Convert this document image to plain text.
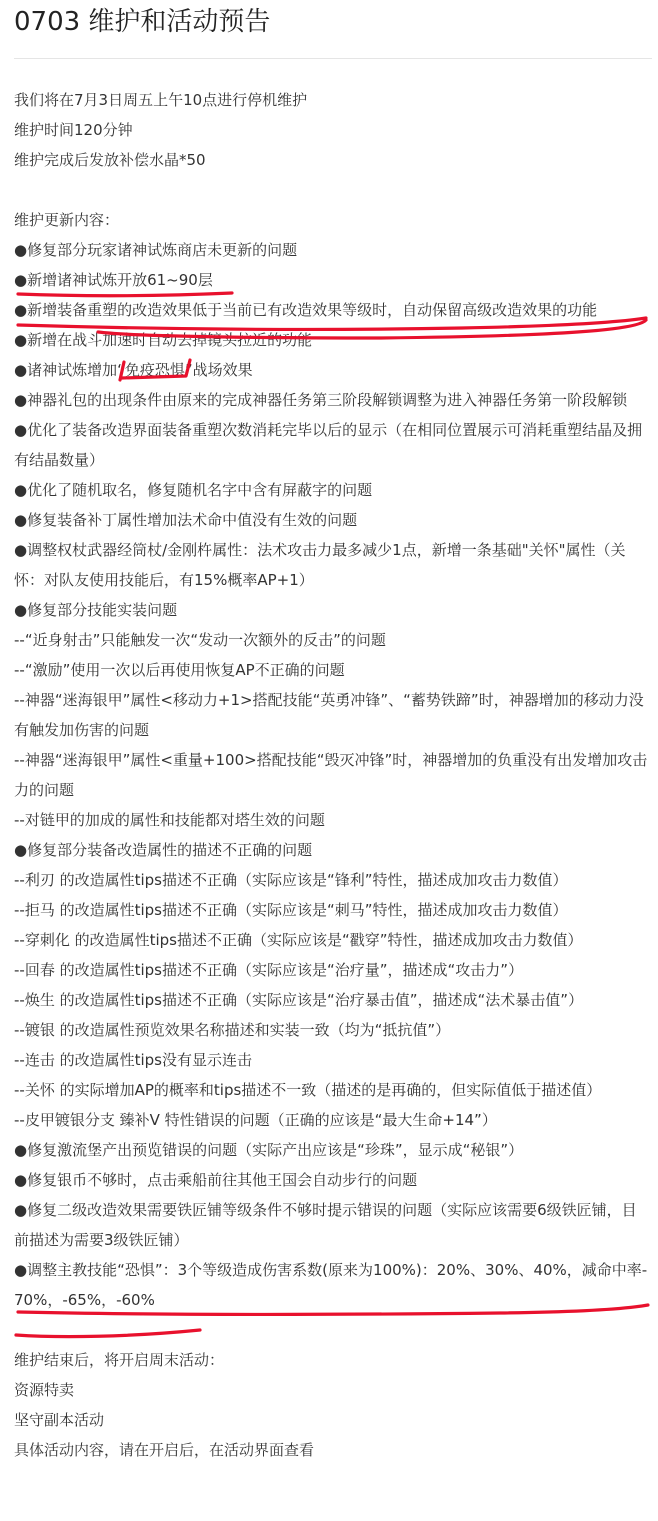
0703 维护和活动预告
我们将在7月3日周五上午10点进行停机维护
维护时间120分钟
维护完成后发放补偿水晶*50
维护更新内容：
●修复部分玩家诸神试炼商店未更新的问题
●新增诸神试炼开放61~90层
●新增装备重塑的改造效果低于当前已有改造效果等级时，自动保留高级改造效果的功能
●新增在战斗加速时自动去掉镜头拉近的功能
●诸神试炼增加“免疫恐惧”战场效果
●神器礼包的出现条件由原来的完成神器任务第三阶段解锁调整为进入神器任务第一阶段解锁
●优化了装备改造界面装备重塑次数消耗完毕以后的显示（在相同位置展示可消耗重塑结晶及拥有结晶数量）
●优化了随机取名，修复随机名字中含有屏蔽字的问题
●修复装备补丁属性增加法术命中值没有生效的问题
●调整权杖武器经筒杖/金刚杵属性：法术攻击力最多减少1点，新增一条基础"关怀"属性（关怀：对队友使用技能后，有15%概率AP+1）
●修复部分技能实装问题
--“近身射击”只能触发一次“发动一次额外的反击”的问题
--“激励”使用一次以后再使用恢复AP不正确的问题
--神器“迷海银甲”属性<移动力+1>搭配技能“英勇冲锋”、“蓄势铁蹄”时，神器增加的移动力没有触发加伤害的问题
--神器“迷海银甲”属性<重量+100>搭配技能“毁灭冲锋”时，神器增加的负重没有出发增加攻击力的问题
--对链甲的加成的属性和技能都对塔生效的问题
●修复部分装备改造属性的描述不正确的问题
--利刃 的改造属性tips描述不正确（实际应该是“锋利”特性，描述成加攻击力数值）
--拒马 的改造属性tips描述不正确（实际应该是“刺马”特性，描述成加攻击力数值）
--穿刺化 的改造属性tips描述不正确（实际应该是“戳穿”特性，描述成加攻击力数值）
--回春 的改造属性tips描述不正确（实际应该是“治疗量”，描述成“攻击力”）
--焕生 的改造属性tips描述不正确（实际应该是“治疗暴击值”，描述成“法术暴击值”）
--镀银 的改造属性预览效果名称描述和实装一致（均为“抵抗值”）
--连击 的改造属性tips没有显示连击
--关怀 的实际增加AP的概率和tips描述不一致（描述的是再确的，但实际值低于描述值）
--皮甲镀银分支 臻补V 特性错误的问题（正确的应该是“最大生命+14”）
●修复激流堡产出预览错误的问题（实际产出应该是“珍珠”，显示成“秘银”）
●修复银币不够时，点击乘船前往其他王国会自动步行的问题
●修复二级改造效果需要铁匠铺等级条件不够时提示错误的问题（实际应该需要6级铁匠铺，目前描述为需要3级铁匠铺）
●调整主教技能“恐惧”：3个等级造成伤害系数(原来为100%)：20%、30%、40%，减命中率-70%，-65%，-60%
维护结束后，将开启周末活动：
资源特卖
坚守副本活动
具体活动内容，请在开启后，在活动界面查看
